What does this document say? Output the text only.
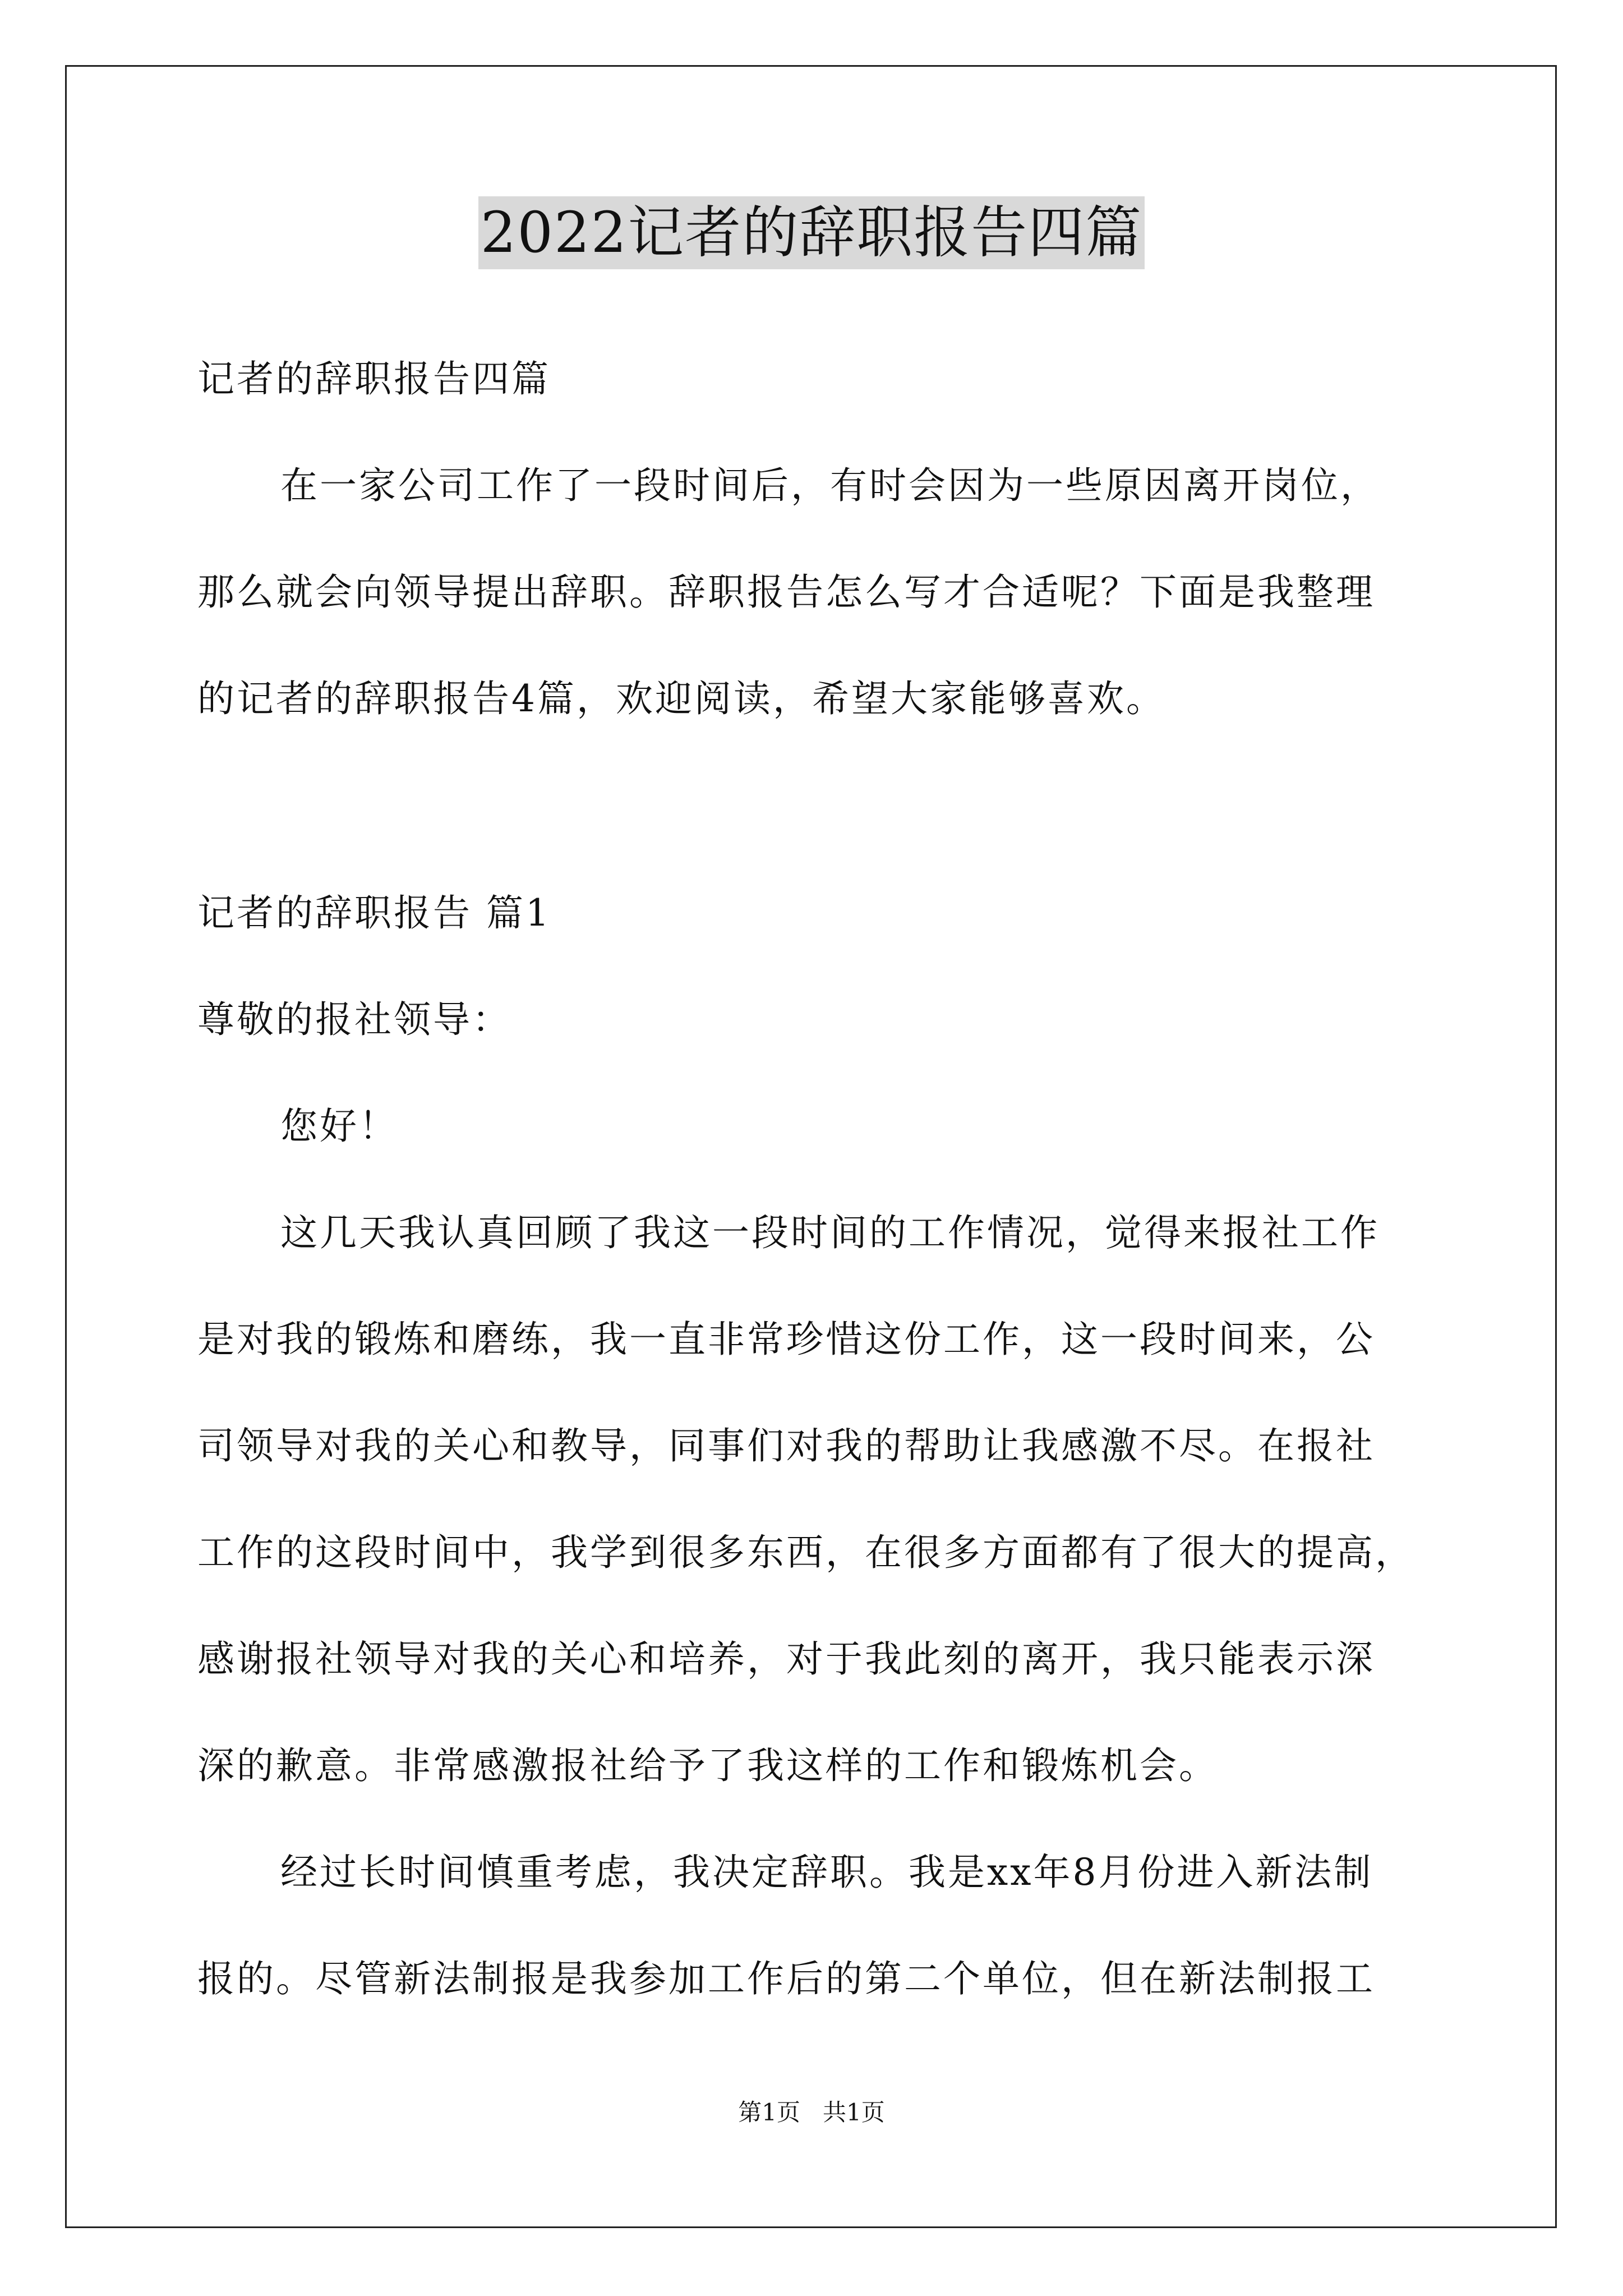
2022记者的辞职报告四篇
记者的辞职报告四篇
在一家公司工作了一段时间后，有时会因为一些原因离开岗位，
那么就会向领导提出辞职。辞职报告怎么写才合适呢？下面是我整理
的记者的辞职报告4篇，欢迎阅读，希望大家能够喜欢。
记者的辞职报告 篇1
尊敬的报社领导：
您好！
这几天我认真回顾了我这一段时间的工作情况，觉得来报社工作
是对我的锻炼和磨练，我一直非常珍惜这份工作，这一段时间来，公
司领导对我的关心和教导，同事们对我的帮助让我感激不尽。在报社
工作的这段时间中，我学到很多东西，在很多方面都有了很大的提高，
感谢报社领导对我的关心和培养，对于我此刻的离开，我只能表示深
深的歉意。非常感激报社给予了我这样的工作和锻炼机会。
经过长时间慎重考虑，我决定辞职。我是xx年8月份进入新法制
报的。尽管新法制报是我参加工作后的第二个单位，但在新法制报工
第1页   共1页
